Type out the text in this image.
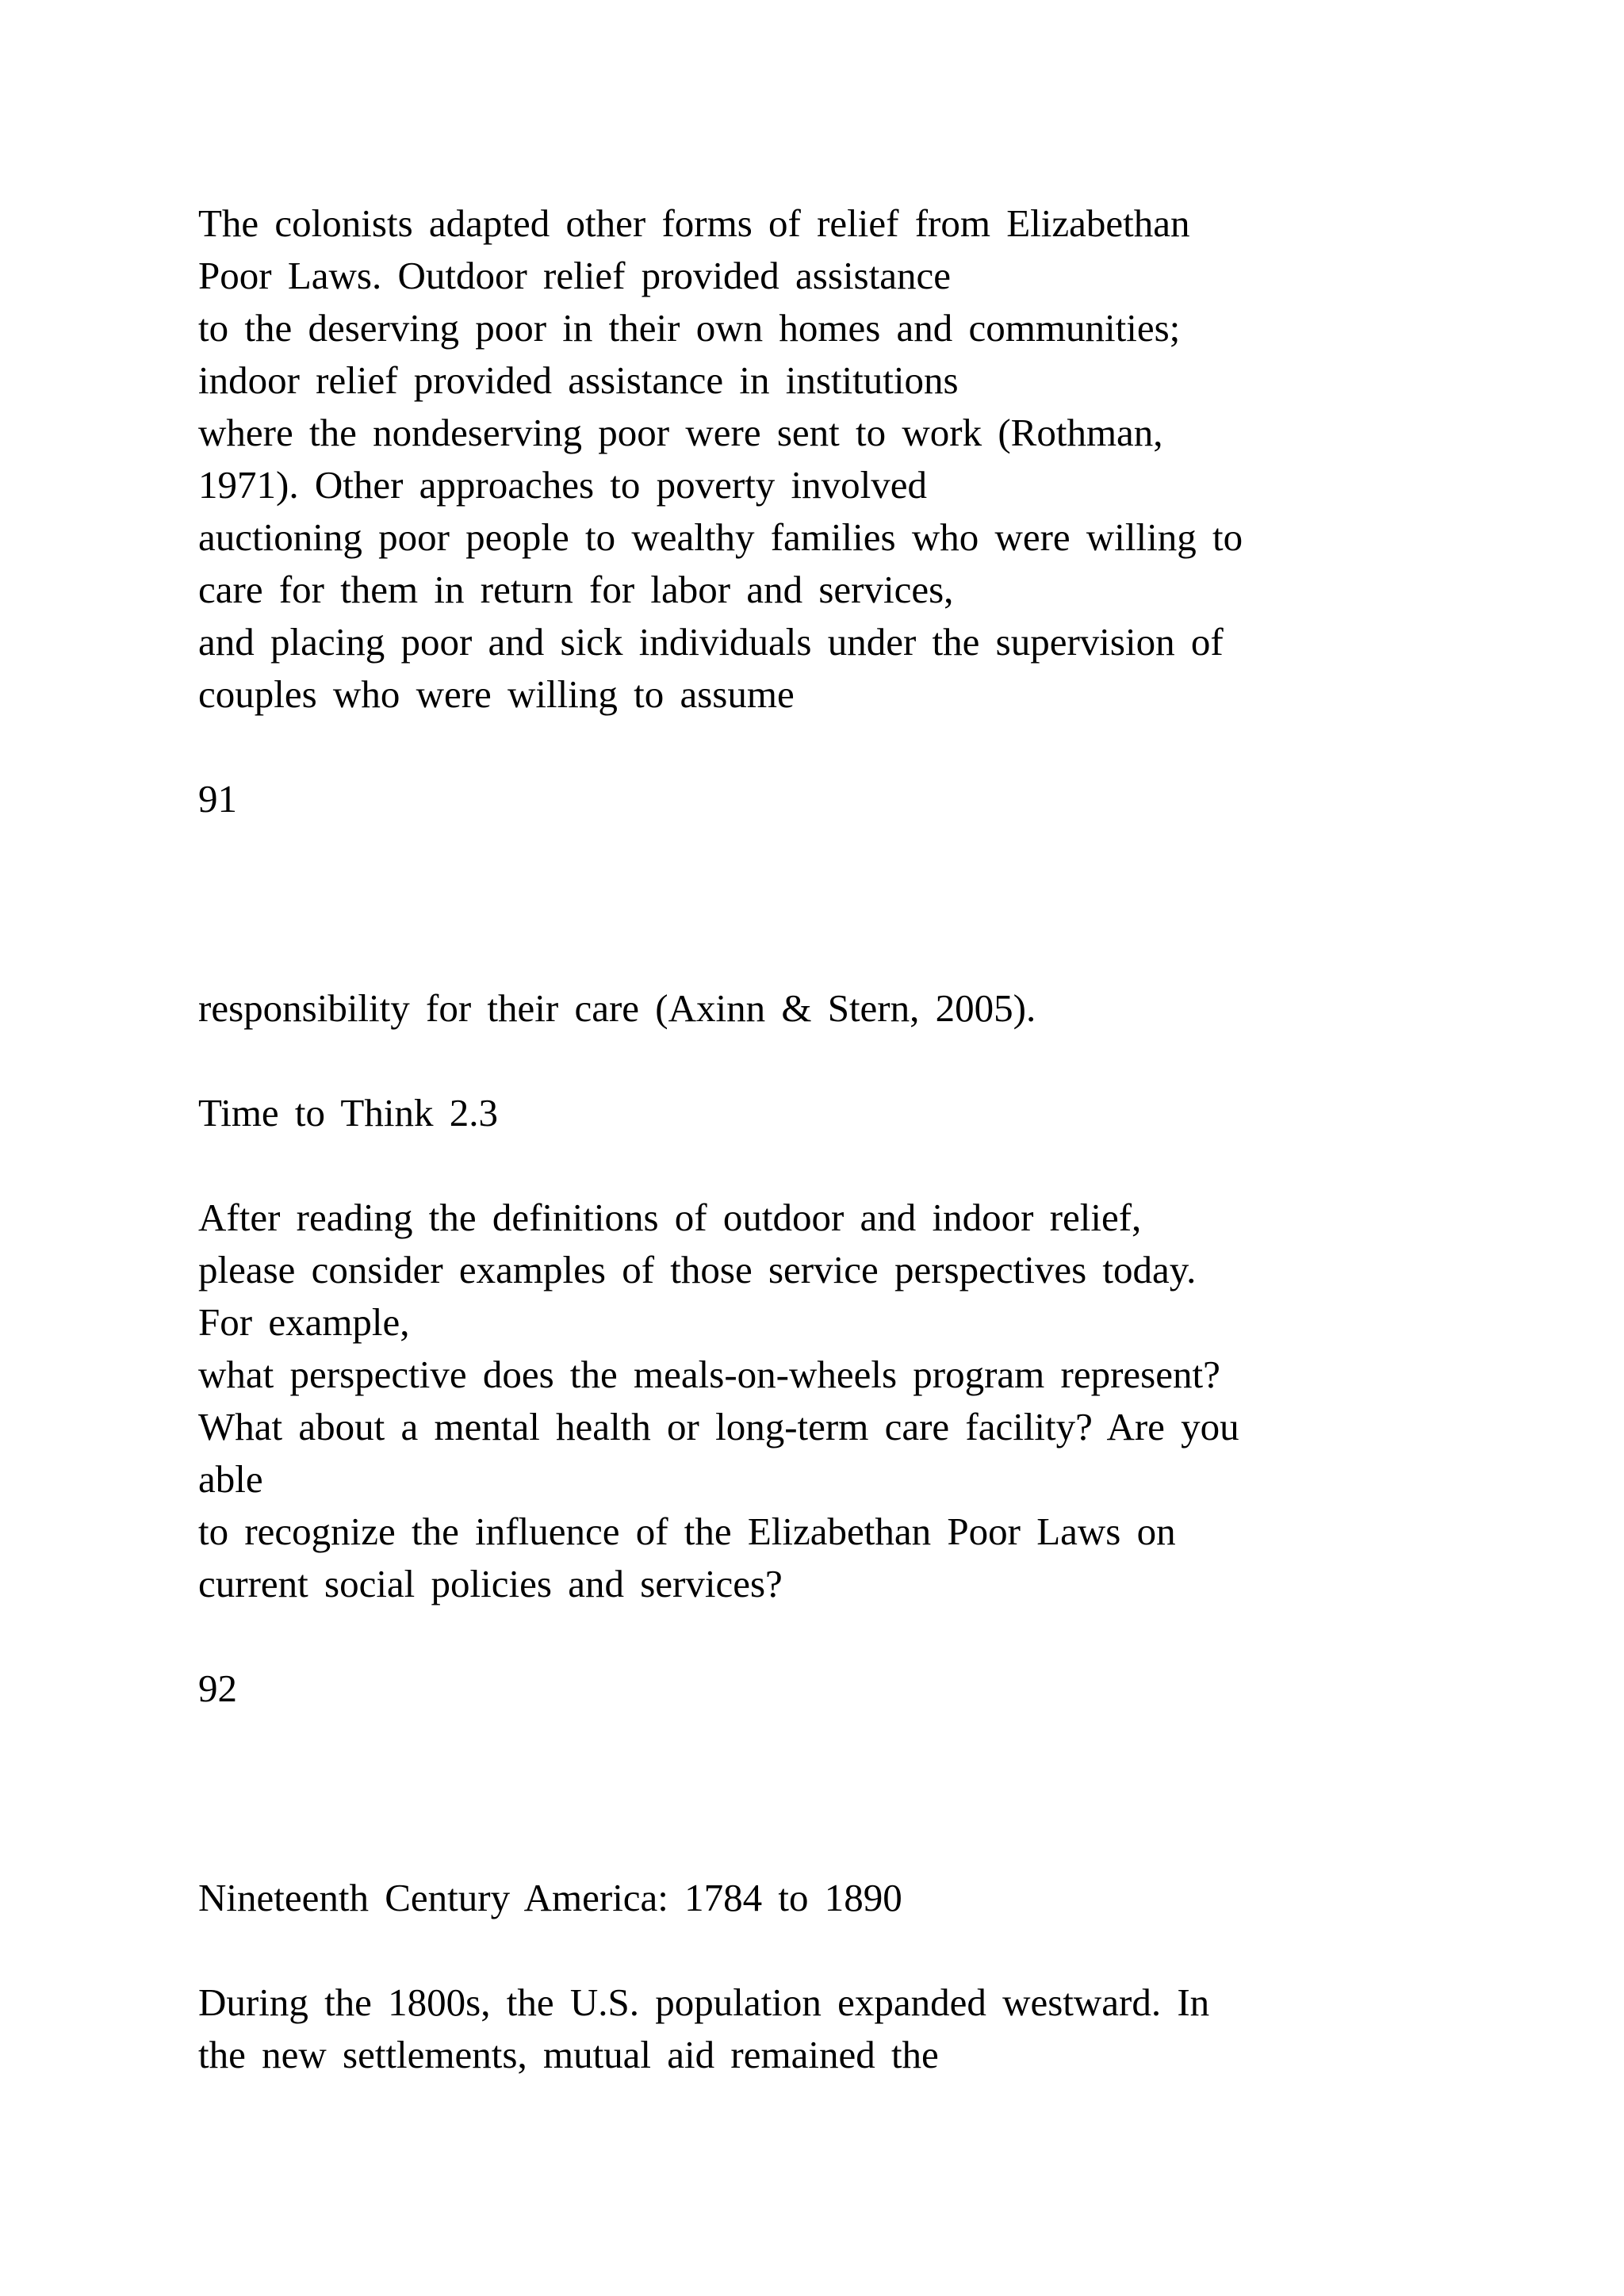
The colonists adapted other forms of relief from Elizabethan

Poor Laws. Outdoor relief provided assistance

to the deserving poor in their own homes and communities;

indoor relief provided assistance in institutions

where the nondeserving poor were sent to work (Rothman,

1971). Other approaches to poverty involved

auctioning poor people to wealthy families who were willing to

care for them in return for labor and services,

and placing poor and sick individuals under the supervision of

couples who were willing to assume

91

responsibility for their care (Axinn & Stern, 2005).

Time to Think 2.3

After reading the definitions of outdoor and indoor relief,

please consider examples of those service perspectives today.

For example,

what perspective does the meals-on-wheels program represent?

What about a mental health or long-term care facility? Are you

able

to recognize the influence of the Elizabethan Poor Laws on

current social policies and services?

92

Nineteenth Century America: 1784 to 1890

During the 1800s, the U.S. population expanded westward. In

the new settlements, mutual aid remained the
